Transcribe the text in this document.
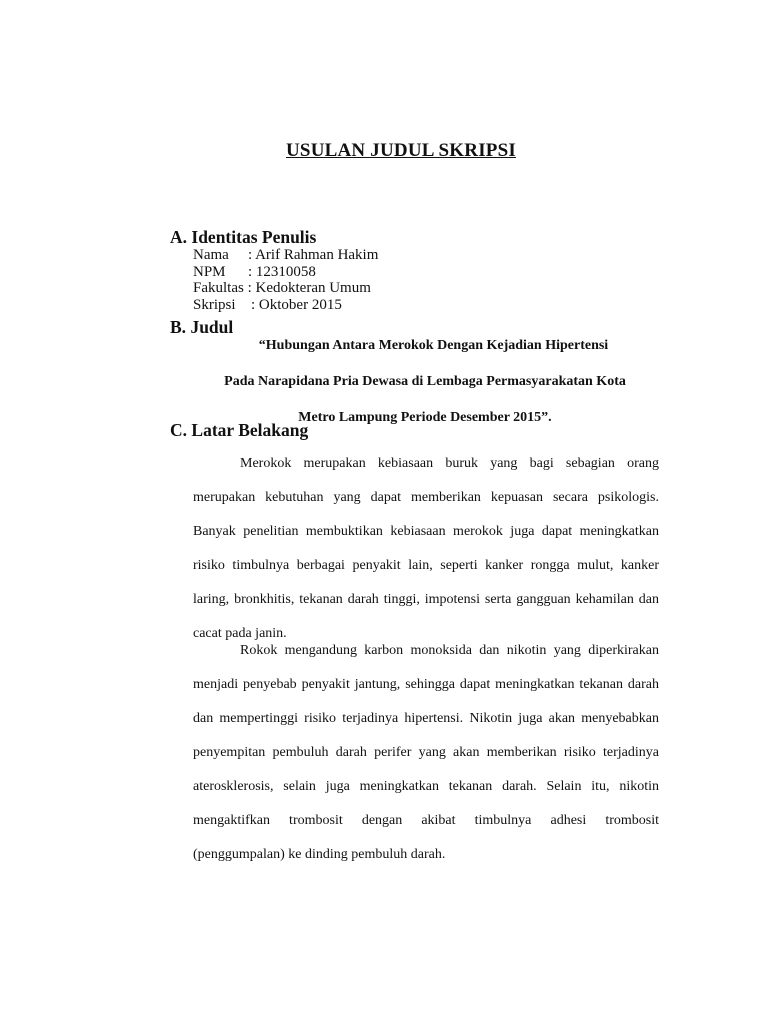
USULAN JUDUL SKRIPSI
A. Identitas Penulis
Nama : Arif Rahman Hakim
NPM : 12310058
Fakultas : Kedokteran Umum
Skripsi : Oktober 2015
B. Judul
“Hubungan Antara Merokok Dengan Kejadian Hipertensi
Pada Narapidana Pria Dewasa di Lembaga Permasyarakatan Kota
Metro Lampung Periode Desember 2015”.
C. Latar Belakang

Merokok merupakan kebiasaan buruk yang bagi sebagian orang merupakan kebutuhan yang dapat memberikan kepuasan secara psikologis. Banyak penelitian membuktikan kebiasaan merokok juga dapat meningkatkan risiko timbulnya berbagai penyakit lain, seperti kanker rongga mulut, kanker laring, bronkhitis, tekanan darah tinggi, impotensi serta gangguan kehamilan dan cacat pada janin.

Rokok mengandung karbon monoksida dan nikotin yang diperkirakan menjadi penyebab penyakit jantung, sehingga dapat meningkatkan tekanan darah dan mempertinggi risiko terjadinya hipertensi. Nikotin juga akan menyebabkan penyempitan pembuluh darah perifer yang akan memberikan risiko terjadinya aterosklerosis, selain juga meningkatkan tekanan darah. Selain itu, nikotin mengaktifkan trombosit dengan akibat timbulnya adhesi trombosit (penggumpalan) ke dinding pembuluh darah.
